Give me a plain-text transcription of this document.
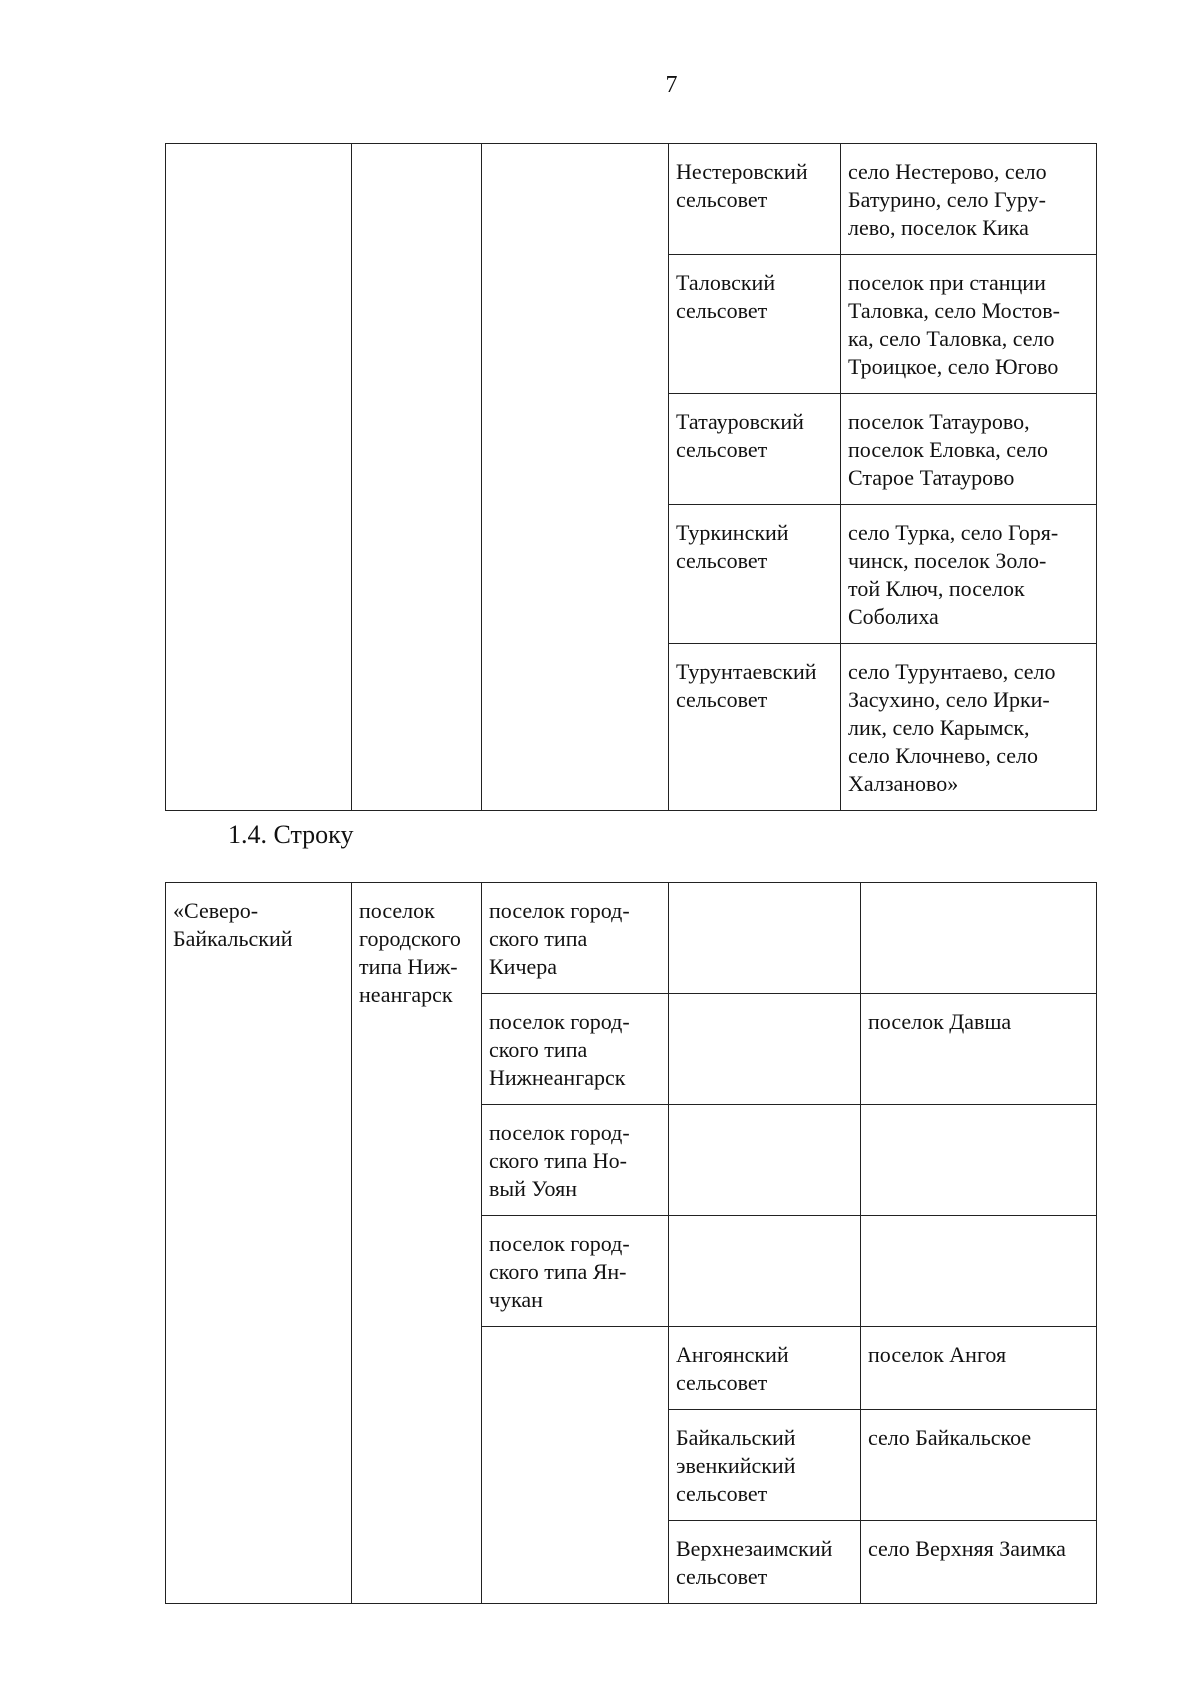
7

			Нестеровский
сельсовет	село Нестерово, село
Батурино, село Гуру-
лево, поселок Кика

			Таловский
сельсовет	поселок при станции
Таловка, село Мостов-
ка, село Таловка, село
Троицкое, село Югово

			Татауровский
сельсовет	поселок Татаурово,
поселок Еловка, село
Старое Татаурово

			Туркинский
сельсовет	село Турка, село Горя-
чинск, поселок Золо-
той Ключ, поселок
Соболиха

			Турунтаевский
сельсовет	село Турунтаево, село
Засухино, село Ирки-
лик, село Карымск,
село Клочнево, село
Халзаново»
1.4. Строку
«Северо-
Байкальский	поселок
городского
типа Ниж-
неангарск	поселок город-
ского типа
Кичера		

		поселок город-
ского типа
Нижнеангарск		поселок Давша

		поселок город-
ского типа Но-
вый Уоян		

		поселок город-
ского типа Ян-
чукан		

			Ангоянский
сельсовет	поселок Ангоя

			Байкальский
эвенкийский
сельсовет	село Байкальское

			Верхнезаимский
сельсовет	село Верхняя Заимка
